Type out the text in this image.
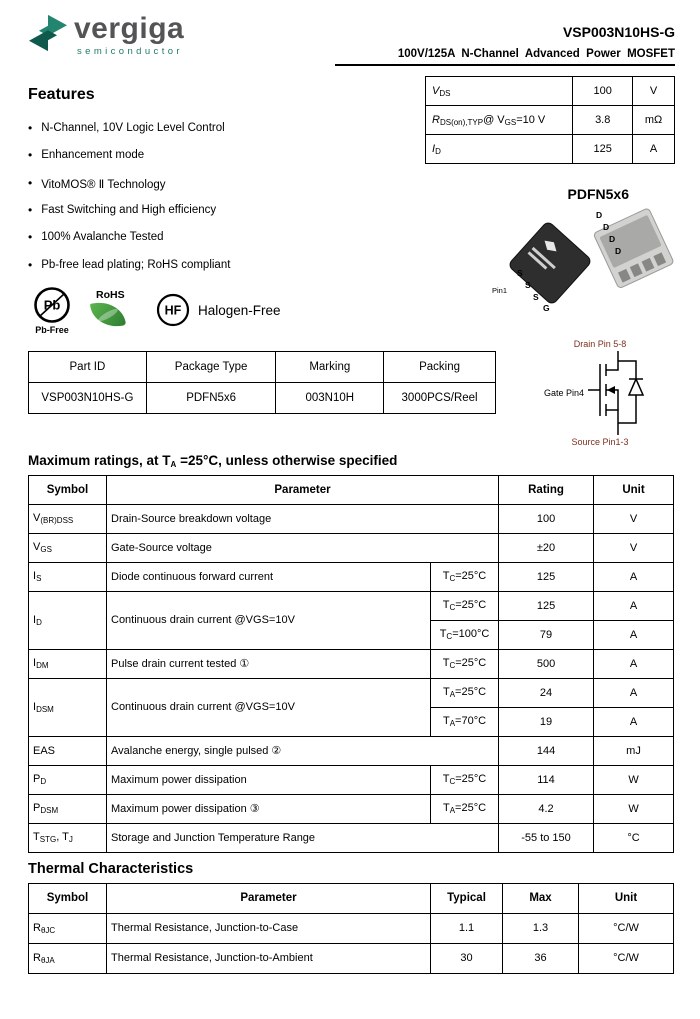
vergiga
semiconductor
VSP003N10HS-G
100V/125A  N-Channel  Advanced  Power  MOSFET
Features
• N-Channel, 10V Logic Level Control
• Enhancement mode
• VitoMOS® Ⅱ Technology
• Fast Switching and High efficiency
• 100% Avalanche Tested
• Pb-free lead plating; RoHS compliant
Pb
Pb-Free
RoHS
HF Halogen-Free
$V_{DS}$	100	V
$R_{DS(on),TYP}@$ $V_{GS}=10$ V	3.8	mΩ
$I_D$	125	A
PDFN5x6
D
D
D
D
S
S
S
G
Pin1
Part ID	Package Type	Marking	Packing
VSP003N10HS-G	PDFN5x6	003N10H	3000PCS/Reel
Drain Pin 5-8
Gate Pin4
Source Pin1-3
Maximum ratings, at $T_A =25^\circ C$, unless otherwise specified
Symbol	Parameter		Rating	Unit
$V_{(BR)DSS}$	Drain-Source breakdown voltage		100	V
$V_{GS}$	Gate-Source voltage		±20	V
$I_S$	Diode continuous forward current	$T_C=25^\circ C$	125	A
$I_D$	Continuous drain current @VGS=10V	$T_C=25^\circ C$	125	A
		$T_C=100^\circ C$	79	A
$I_{DM}$	Pulse drain current tested ①	$T_C=25^\circ C$	500	A
$I_{DSM}$	Continuous drain current @VGS=10V	$T_A=25^\circ C$	24	A
		$T_A=70^\circ C$	19	A
EAS	Avalanche energy, single pulsed ②		144	mJ
$P_D$	Maximum power dissipation	$T_C=25^\circ C$	114	W
$P_{DSM}$	Maximum power dissipation ③	$T_A=25^\circ C$	4.2	W
$T_{STG}$, $T_J$	Storage and Junction Temperature Range		-55 to 150	°C
Thermal Characteristics
Symbol	Parameter	Typical	Max	Unit
$R_{\theta JC}$	Thermal Resistance, Junction-to-Case	1.1	1.3	°C/W
$R_{\theta JA}$	Thermal Resistance, Junction-to-Ambient	30	36	°C/W
